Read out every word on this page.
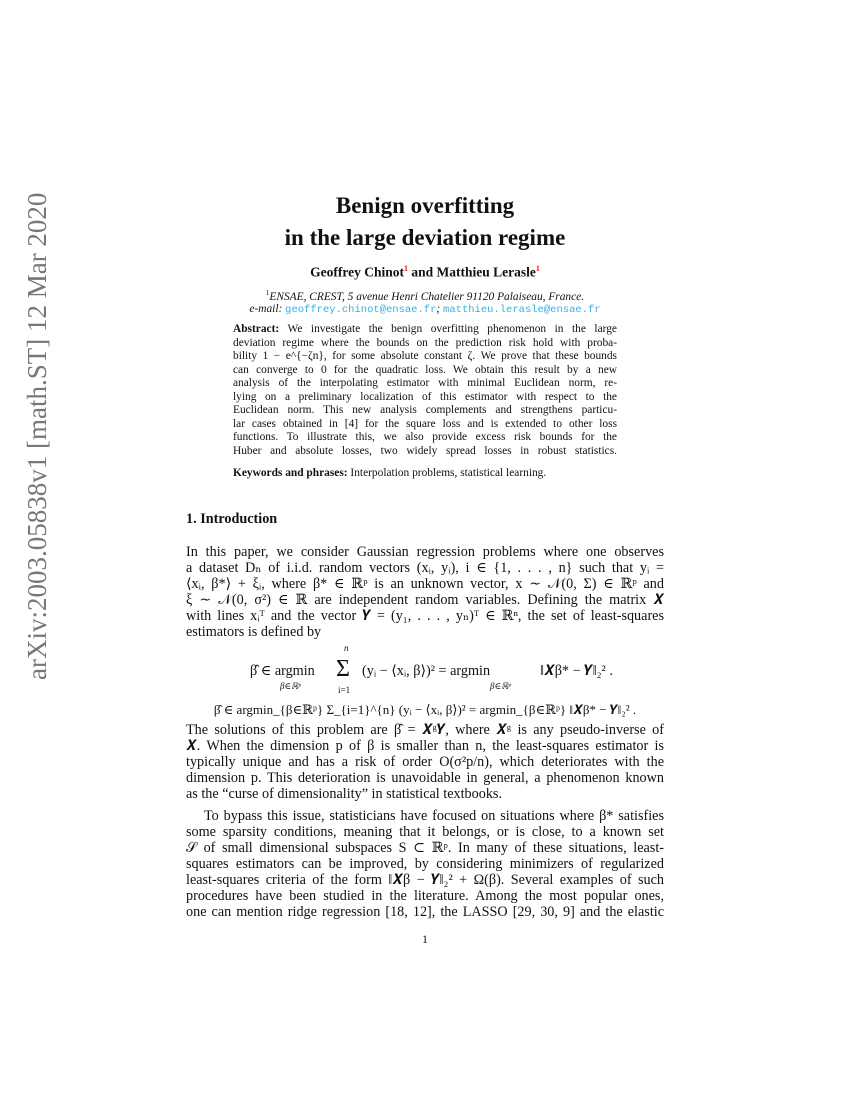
arXiv:2003.05838v1 [math.ST] 12 Mar 2020	Benign overfitting
in the large deviation regime
Geoffrey Chinot$^1$ and Matthieu Lerasle$^1$
$^1$ENSAE, CREST, 5 avenue Henri Chatelier 91120 Palaiseau, France.
e-mail: geoffrey.chinot@ensae.fr; matthieu.lerasle@ensae.fr
Abstract: We investigate the benign overfitting phenomenon in the large
deviation regime where the bounds on the prediction risk hold with proba-
bility 1 − e^{−ζn}, for some absolute constant ζ. We prove that these bounds
can converge to 0 for the quadratic loss. We obtain this result by a new
analysis of the interpolating estimator with minimal Euclidean norm, re-
lying on a preliminary localization of this estimator with respect to the
Euclidean norm. This new analysis complements and strengthens particu-
lar cases obtained in [4] for the square loss and is extended to other loss
functions. To illustrate this, we also provide excess risk bounds for the
Huber and absolute losses, two widely spread losses in robust statistics.
Keywords and phrases: Interpolation problems, statistical learning.
1. Introduction
In this paper, we consider Gaussian regression problems where one observes
a dataset Dₙ of i.i.d. random vectors (xᵢ, yᵢ), i ∈ {1, . . . , n} such that yᵢ =
⟨xᵢ, β*⟩ + ξᵢ, where β* ∈ ℝᵖ is an unknown vector, x ∼ 𝒩(0, Σ) ∈ ℝᵖ and
ξ ∼ 𝒩(0, σ²) ∈ ℝ are independent random variables. Defining the matrix 𝑿
with lines xᵢᵀ and the vector 𝒀 = (y₁, . . . , yₙ)ᵀ ∈ ℝⁿ, the set of least-squares
estimators is defined by
β̂ ∈ argmin
β∈ℝᵖ
n
Σ
i=1
(yᵢ − ⟨xᵢ, β⟩)² = argmin
β∈ℝᵖ
‖𝑿β* − 𝒀‖₂² .
β̂ ∈ argmin_{β∈ℝᵖ} Σ_{i=1}^{n} (yᵢ − ⟨xᵢ, β⟩)² = argmin_{β∈ℝᵖ} ‖𝑿β* − 𝒀‖₂² .
The solutions of this problem are β̂ = 𝑿ᵍ𝒀, where 𝑿ᵍ is any pseudo-inverse of
𝑿. When the dimension p of β is smaller than n, the least-squares estimator is
typically unique and has a risk of order O(σ²p/n), which deteriorates with the
dimension p. This deterioration is unavoidable in general, a phenomenon known
as the “curse of dimensionality” in statistical textbooks.
To bypass this issue, statisticians have focused on situations where β* satisfies
some sparsity conditions, meaning that it belongs, or is close, to a known set
𝒮 of small dimensional subspaces S ⊂ ℝᵖ. In many of these situations, least-
squares estimators can be improved, by considering minimizers of regularized
least-squares criteria of the form ‖𝑿β − 𝒀‖₂² + Ω(β). Several examples of such
procedures have been studied in the literature. Among the most popular ones,
one can mention ridge regression [18, 12], the LASSO [29, 30, 9] and the elastic
1
